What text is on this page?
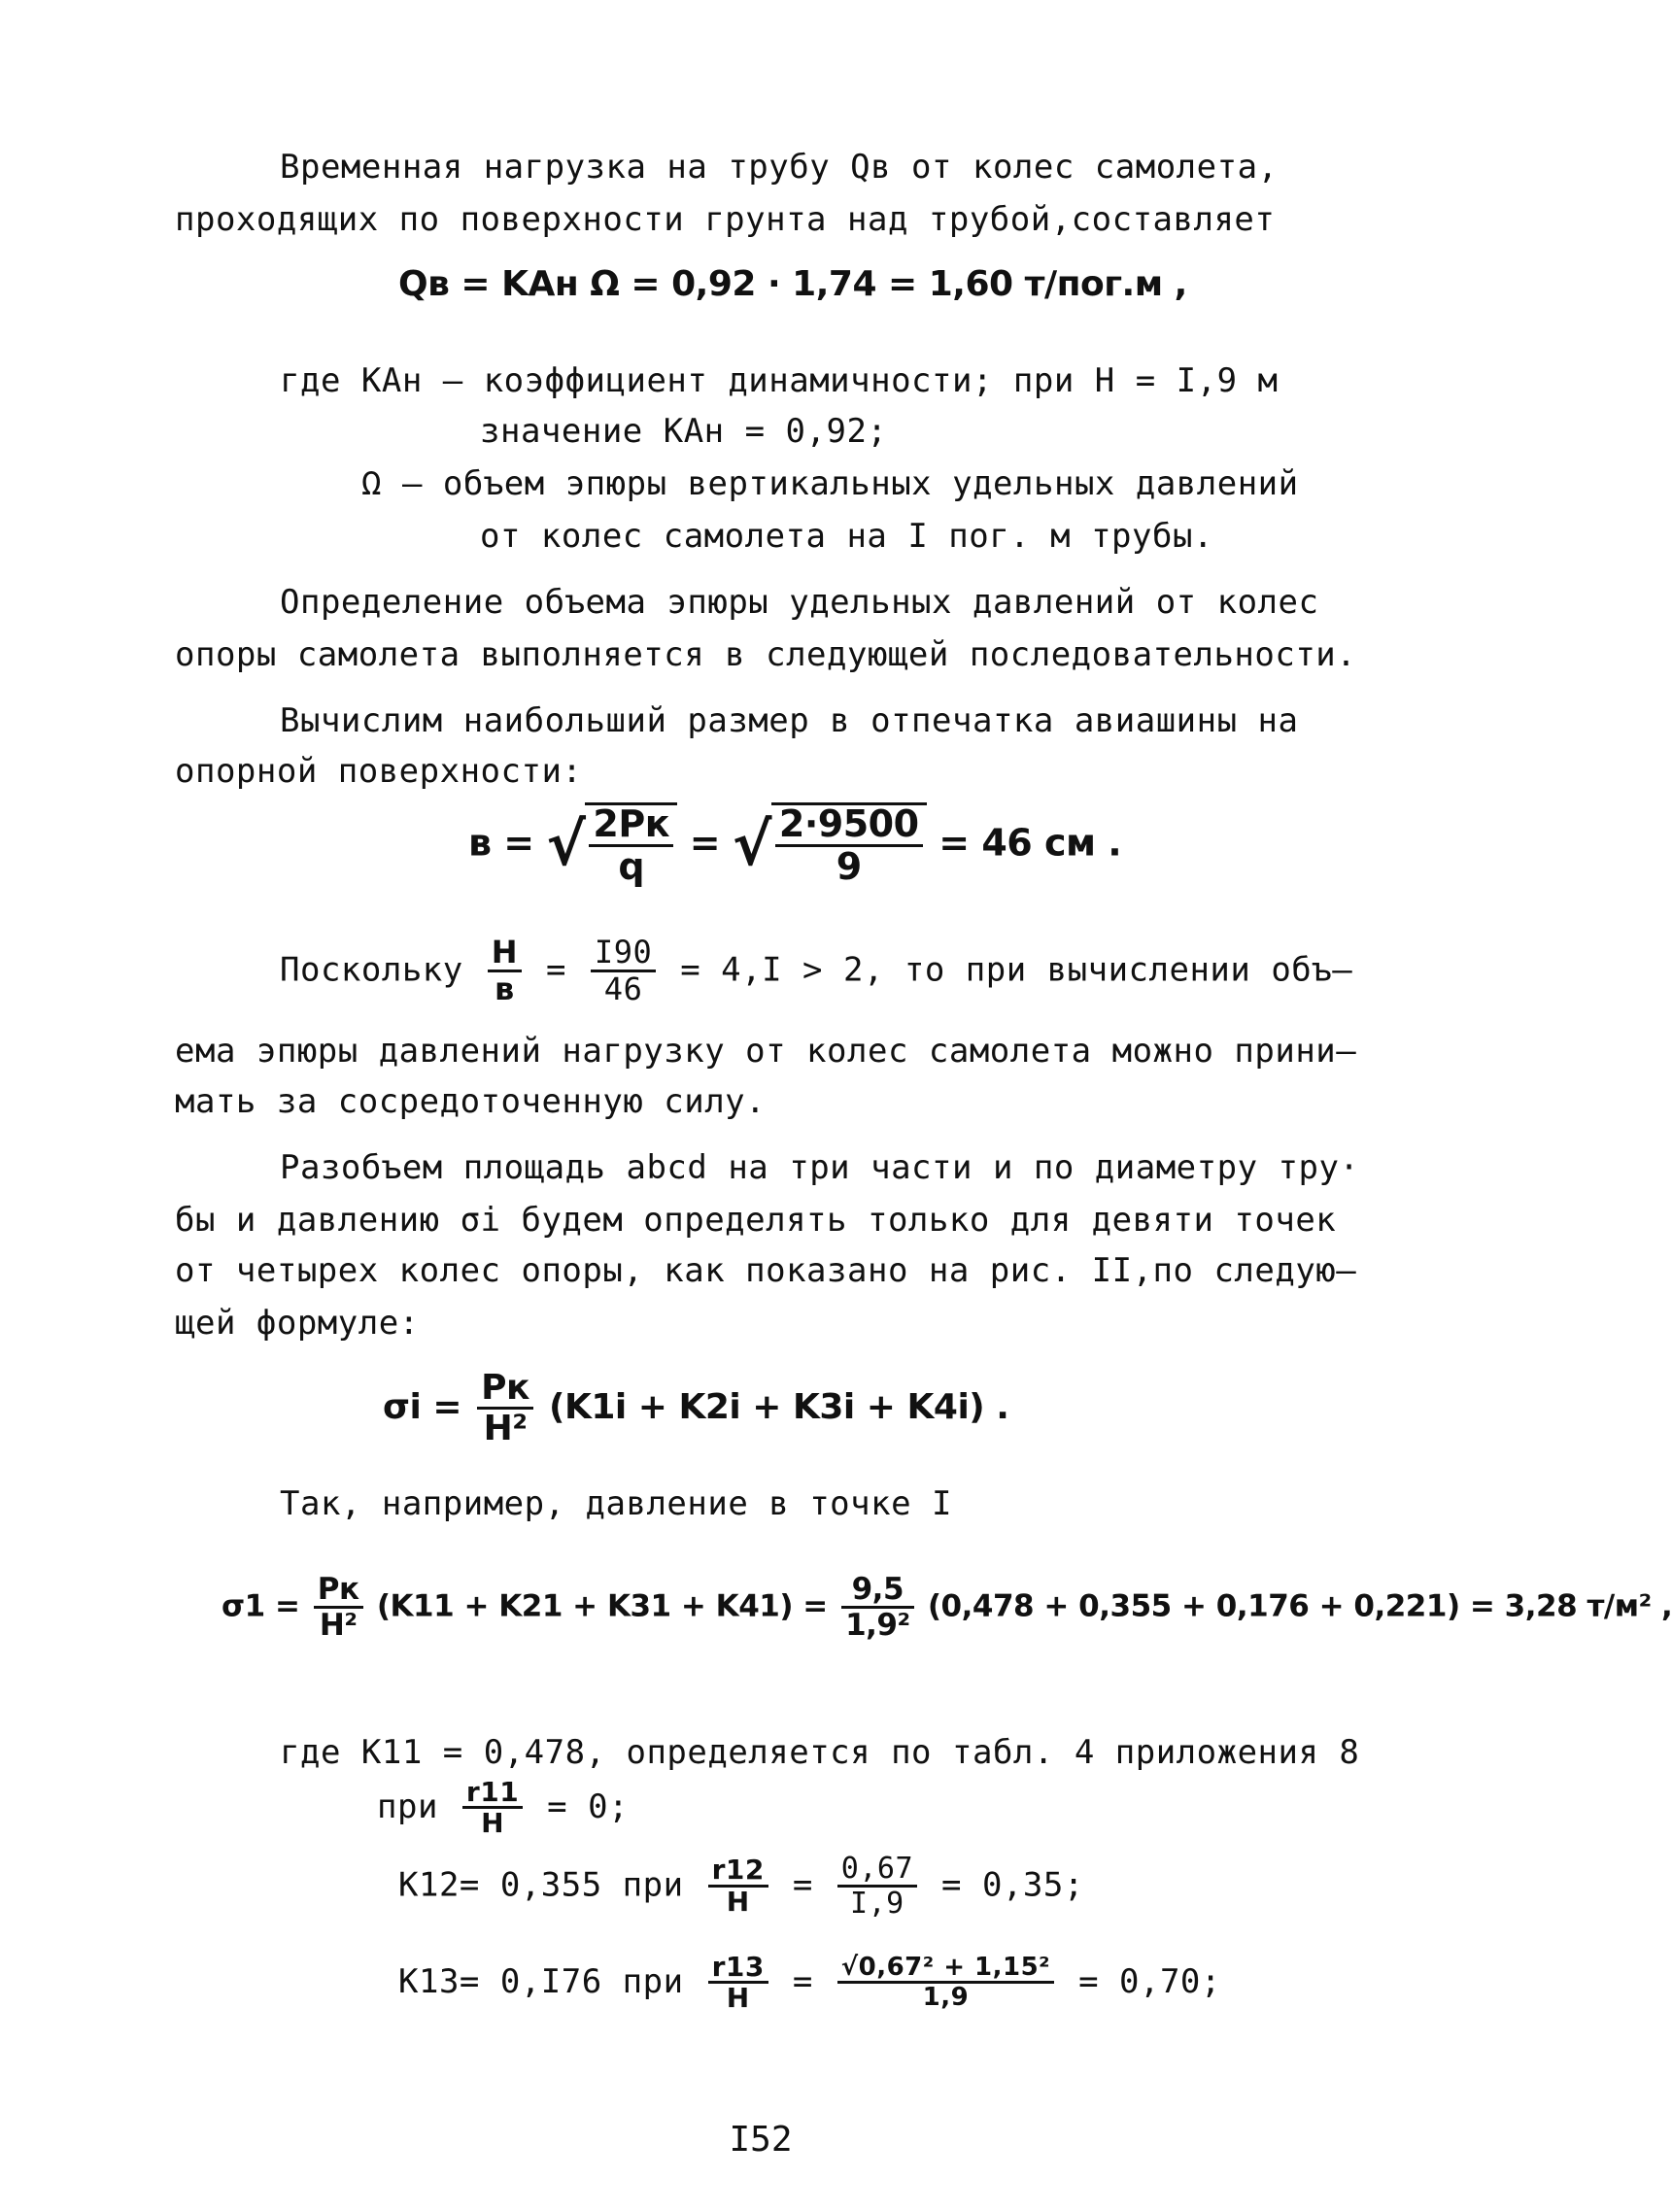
Временная нагрузка на трубу Qв от колес самолета,
проходящих по поверхности грунта над трубой,составляет
Qв = KАн Ω = 0,92 · 1,74 = 1,60 т/пог.м ,
где KАн – коэффициент динамичности; при H = I,9 м
значение KАн = 0,92;
Ω – объем эпюры вертикальных удельных давлений
от колес самолета на I пог. м трубы.
Определение объема эпюры удельных давлений от колес
опоры самолета выполняется в следующей последовательности.
Вычислим наибольший размер в отпечатка авиашины на
опорной поверхности:
в = √ $\frac{2Pк}{q}$ = √ $\frac{2\cdot 9500}{9} = 46$ см .
Поскольку $\frac{H}{в} = \frac{I90}{46} = 4,I > 2$, то при вычислении объ–
ема эпюры давлений нагрузку от колес самолета можно прини–
мать за сосредоточенную силу.
Разобъем площадь abcd на три части и по диаметру тру·
бы и давлению σi будем определять только для девяти точек
от четырех колес опоры, как показано на рис. II,по следую–
щей формуле:
$\sigma i = \frac{Pк}{\text{H²}} (K1i + K2i + K3i + K4i)$ .
Так, например, давление в точке I
$\sigma 1 = \frac{Pк}{\text{H²}} (K11 + K21 + K31 + K41) = \frac{9,5}{\text{1,9²}} (0,478 + 0,355 + 0,176 + 0,221) = 3,28$ т/м² ,
где K11 = 0,478, определяется по табл. 4 приложения 8
при $\frac{r11}{H} = 0$;
K12= 0,355 при $\frac{r12}{H} = \frac{0,67}{I,9} = 0,35$;
K13= 0,I76 при $\frac{r13}{H} = \frac{\text{√0,67² + 1,15²}}{1,9} = 0,70$;
I52
